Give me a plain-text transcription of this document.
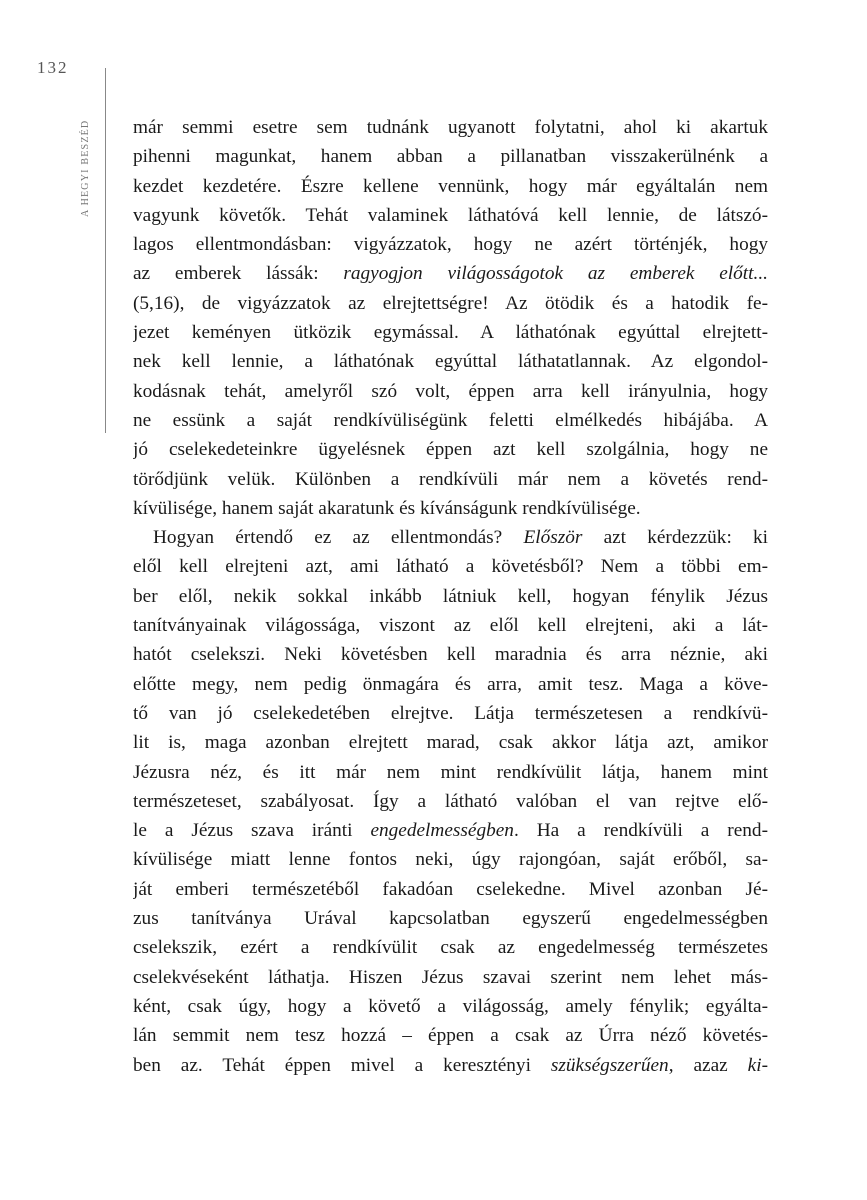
132
A HEGYI BESZÉD	már semmi esetre sem tudnánk ugyanott folytatni, ahol ki akartuk
pihenni magunkat, hanem abban a pillanatban visszakerülnénk a
kezdet kezdetére. Észre kellene vennünk, hogy már egyáltalán nem
vagyunk követők. Tehát valaminek láthatóvá kell lennie, de látszó-
lagos ellentmondásban: vigyázzatok, hogy ne azért történjék, hogy
az emberek lássák: ragyogjon világosságotok az emberek előtt...
(5,16), de vigyázzatok az elrejtettségre! Az ötödik és a hatodik fe-
jezet keményen ütközik egymással. A láthatónak egyúttal elrejtett-
nek kell lennie, a láthatónak egyúttal láthatatlannak. Az elgondol-
kodásnak tehát, amelyről szó volt, éppen arra kell irányulnia, hogy
ne essünk a saját rendkívüliségünk feletti elmélkedés hibájába. A
jó cselekedeteinkre ügyelésnek éppen azt kell szolgálnia, hogy ne
törődjünk velük. Különben a rendkívüli már nem a követés rend-
kívülisége, hanem saját akaratunk és kívánságunk rendkívülisége.
Hogyan értendő ez az ellentmondás? Először azt kérdezzük: ki
elől kell elrejteni azt, ami látható a követésből? Nem a többi em-
ber elől, nekik sokkal inkább látniuk kell, hogyan fénylik Jézus
tanítványainak világossága, viszont az elől kell elrejteni, aki a lát-
hatót cselekszi. Neki követésben kell maradnia és arra néznie, aki
előtte megy, nem pedig önmagára és arra, amit tesz. Maga a köve-
tő van jó cselekedetében elrejtve. Látja természetesen a rendkívü-
lit is, maga azonban elrejtett marad, csak akkor látja azt, amikor
Jézusra néz, és itt már nem mint rendkívülit látja, hanem mint
természeteset, szabályosat. Így a látható valóban el van rejtve elő-
le a Jézus szava iránti engedelmességben. Ha a rendkívüli a rend-
kívülisége miatt lenne fontos neki, úgy rajongóan, saját erőből, sa-
ját emberi természetéből fakadóan cselekedne. Mivel azonban Jé-
zus tanítványa Urával kapcsolatban egyszerű engedelmességben
cselekszik, ezért a rendkívülit csak az engedelmesség természetes
cselekvéseként láthatja. Hiszen Jézus szavai szerint nem lehet más-
ként, csak úgy, hogy a követő a világosság, amely fénylik; egyálta-
lán semmit nem tesz hozzá – éppen a csak az Úrra néző követés-
ben az. Tehát éppen mivel a keresztényi szükségszerűen, azaz ki-
